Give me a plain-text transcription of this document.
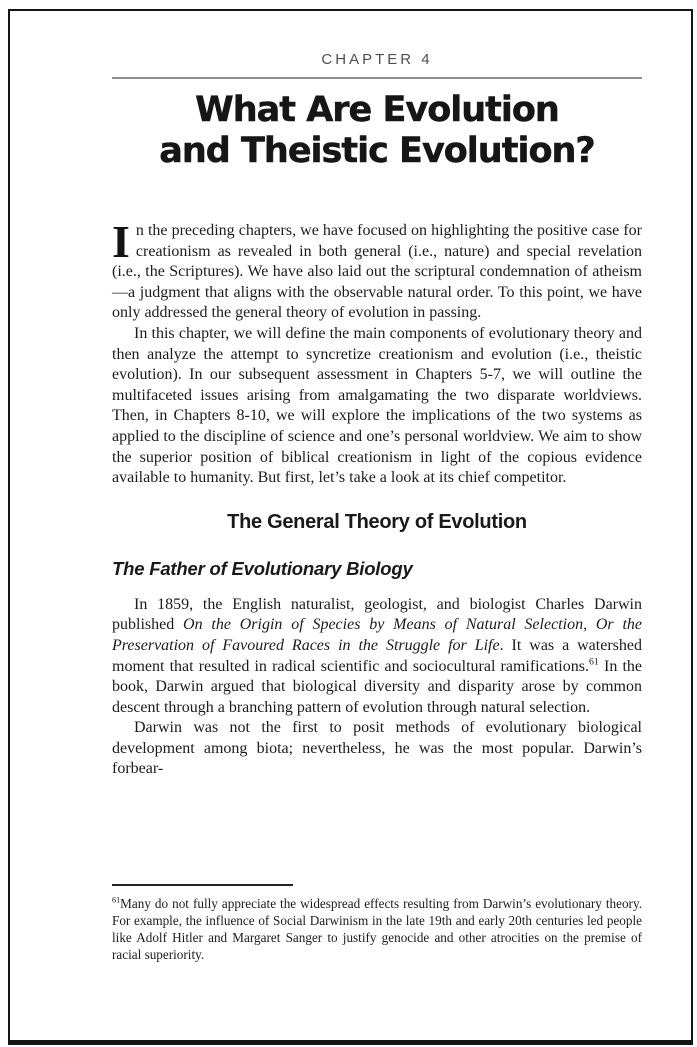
CHAPTER 4
What Are Evolution
and Theistic Evolution?

In the preceding chapters, we have focused on highlighting the positive case for creationism as revealed in both general (i.e., nature) and special revelation (i.e., the Scriptures). We have also laid out the scriptural condemnation of atheism—a judgment that aligns with the observable natural order. To this point, we have only addressed the general theory of evolution in passing.

In this chapter, we will define the main components of evolutionary theory and then analyze the attempt to syncretize creationism and evolution (i.e., theistic evolution). In our subsequent assessment in Chapters 5-7, we will outline the multifaceted issues arising from amalgamating the two disparate worldviews. Then, in Chapters 8-10, we will explore the implications of the two systems as applied to the discipline of science and one’s personal worldview. We aim to show the superior position of biblical creationism in light of the copious evidence available to humanity. But first, let’s take a look at its chief competitor.

The General Theory of Evolution
The Father of Evolutionary Biology

In 1859, the English naturalist, geologist, and biologist Charles Darwin published On the Origin of Species by Means of Natural Selection, Or the Preservation of Favoured Races in the Struggle for Life. It was a watershed moment that resulted in radical scientific and sociocultural ramifications.$^{61}$ In the book, Darwin argued that biological diversity and disparity arose by common descent through a branching pattern of evolution through natural selection.

Darwin was not the first to posit methods of evolutionary biological development among biota; nevertheless, he was the most popular. Darwin’s forbear-

$^{61}$Many do not fully appreciate the widespread effects resulting from Darwin’s evolutionary theory. For example, the influence of Social Darwinism in the late 19th and early 20th centuries led people like Adolf Hitler and Margaret Sanger to justify genocide and other atrocities on the premise of racial superiority.
